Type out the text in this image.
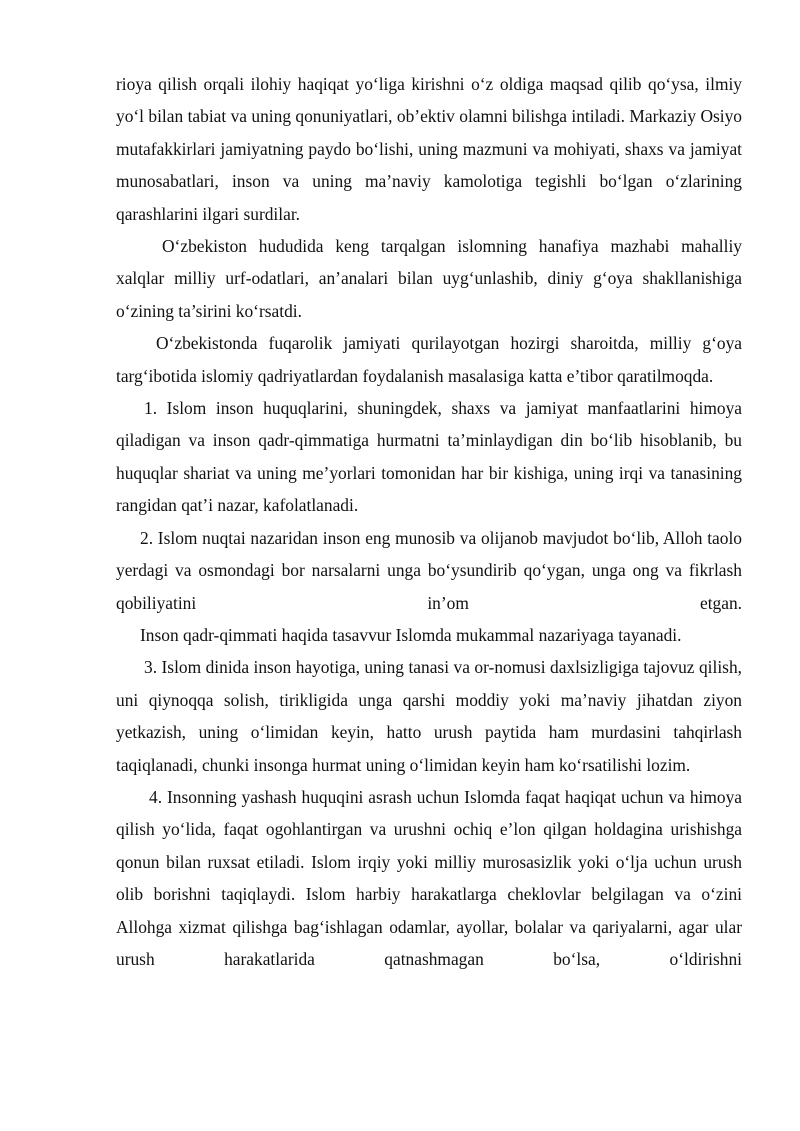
rioya qilish orqali ilohiy haqiqat yo‘liga kirishni o‘z oldiga maqsad qilib qo‘ysa, ilmiy yo‘l bilan tabiat va uning qonuniyatlari, ob’ektiv olamni bilishga intiladi. Markaziy Osiyo mutafakkirlari jamiyatning paydo bo‘lishi, uning mazmuni va mohiyati, shaxs va jamiyat munosabatlari, inson va uning ma’naviy kamolotiga tegishli bo‘lgan o‘zlarining qarashlarini ilgari surdilar.

O‘zbekiston hududida keng tarqalgan islomning hanafiya mazhabi mahalliy xalqlar milliy urf-odatlari, an’analari bilan uyg‘unlashib, diniy g‘oya shakllanishiga o‘zining ta’sirini ko‘rsatdi.

O‘zbekistonda fuqarolik jamiyati qurilayotgan hozirgi sharoitda, milliy g‘oya targ‘ibotida islomiy qadriyatlardan foydalanish masalasiga katta e’tibor qaratilmoqda.

1. Islom inson huquqlarini, shuningdek, shaxs va jamiyat manfaatlarini himoya qiladigan va inson qadr-qimmatiga hurmatni ta’minlaydigan din bo‘lib hisoblanib, bu huquqlar shariat va uning me’yorlari tomonidan har bir kishiga, uning irqi va tanasining rangidan qat’i nazar, kafolatlanadi.

2. Islom nuqtai nazaridan inson eng munosib va olijanob mavjudot bo‘lib, Alloh taolo yerdagi va osmondagi bor narsalarni unga bo‘ysundirib qo‘ygan, unga ong va fikrlash qobiliyatini in’om etgan.

Inson qadr-qimmati haqida tasavvur Islomda mukammal nazariyaga tayanadi.

3. Islom dinida inson hayotiga, uning tanasi va or-nomusi daxlsizligiga tajovuz qilish, uni qiynoqqa solish, tirikligida unga qarshi moddiy yoki ma’naviy jihatdan ziyon yetkazish, uning o‘limidan keyin, hatto urush paytida ham murdasini tahqirlash taqiqlanadi, chunki insonga hurmat uning o‘limidan keyin ham ko‘rsatilishi lozim.

4. Insonning yashash huquqini asrash uchun Islomda faqat haqiqat uchun va himoya qilish yo‘lida, faqat ogohlantirgan va urushni ochiq e’lon qilgan holdagina urishishga qonun bilan ruxsat etiladi. Islom irqiy yoki milliy murosasizlik yoki o‘lja uchun urush olib borishni taqiqlaydi. Islom harbiy harakatlarga cheklovlar belgilagan va o‘zini Allohga xizmat qilishga bag‘ishlagan odamlar, ayollar, bolalar va qariyalarni, agar ular urush harakatlarida qatnashmagan bo‘lsa, o‘ldirishni
